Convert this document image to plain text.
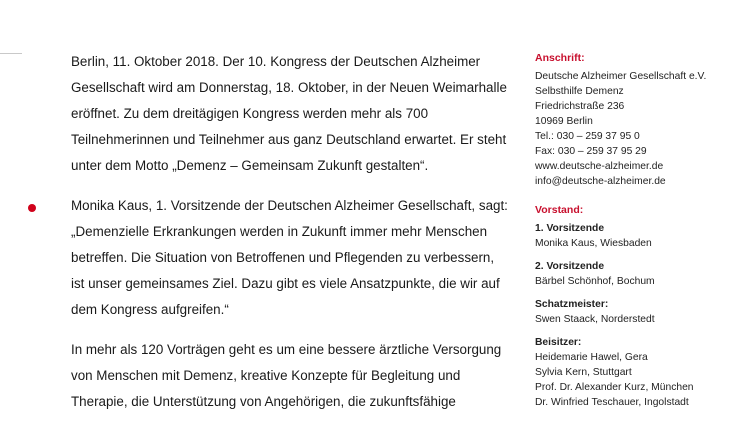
Berlin, 11. Oktober 2018. Der 10. Kongress der Deutschen Alzheimer Gesellschaft wird am Donnerstag, 18. Oktober, in der Neuen Weimarhalle eröffnet. Zu dem dreitägigen Kongress werden mehr als 700 Teilnehmerinnen und Teilnehmer aus ganz Deutschland erwartet. Er steht unter dem Motto „Demenz – Gemeinsam Zukunft gestalten“.

Monika Kaus, 1. Vorsitzende der Deutschen Alzheimer Gesellschaft, sagt: „Demenzielle Erkrankungen werden in Zukunft immer mehr Menschen betreffen. Die Situation von Betroffenen und Pflegenden zu verbessern, ist unser gemeinsames Ziel. Dazu gibt es viele Ansatzpunkte, die wir auf dem Kongress aufgreifen.“

In mehr als 120 Vorträgen geht es um eine bessere ärztliche Versorgung von Menschen mit Demenz, kreative Konzepte für Begleitung und Therapie, die Unterstützung von Angehörigen, die zukunftsfähige

Anschrift:
Deutsche Alzheimer Gesellschaft e.V.
Selbsthilfe Demenz
Friedrichstraße 236
10969 Berlin
Tel.: 030 – 259 37 95 0
Fax: 030 – 259 37 95 29
www.deutsche-alzheimer.de
info@deutsche-alzheimer.de
Vorstand:
1. Vorsitzende
Monika Kaus, Wiesbaden
2. Vorsitzende
Bärbel Schönhof, Bochum
Schatzmeister:
Swen Staack, Norderstedt
Beisitzer:
Heidemarie Hawel, Gera
Sylvia Kern, Stuttgart
Prof. Dr. Alexander Kurz, München
Dr. Winfried Teschauer, Ingolstadt
